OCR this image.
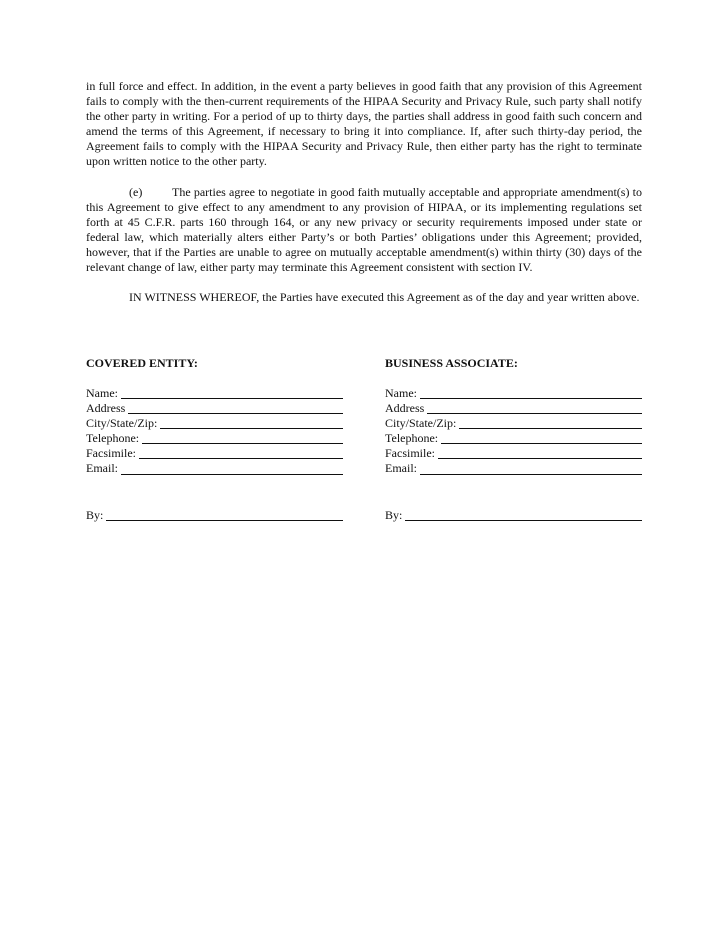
in full force and effect. In addition, in the event a party believes in good faith that any provision of this Agreement fails to comply with the then-current requirements of the HIPAA Security and Privacy Rule, such party shall notify the other party in writing. For a period of up to thirty days, the parties shall address in good faith such concern and amend the terms of this Agreement, if necessary to bring it into compliance. If, after such thirty-day period, the Agreement fails to comply with the HIPAA Security and Privacy Rule, then either party has the right to terminate upon written notice to the other party.

(e) The parties agree to negotiate in good faith mutually acceptable and appropriate amendment(s) to this Agreement to give effect to any amendment to any provision of HIPAA, or its implementing regulations set forth at 45 C.F.R. parts 160 through 164, or any new privacy or security requirements imposed under state or federal law, which materially alters either Party’s or both Parties’ obligations under this Agreement; provided, however, that if the Parties are unable to agree on mutually acceptable amendment(s) within thirty (30) days of the relevant change of law, either party may terminate this Agreement consistent with section IV.

IN WITNESS WHEREOF, the Parties have executed this Agreement as of the day and year written above.

COVERED ENTITY:
Name:
Address
City/State/Zip:
Telephone:
Facsimile:
Email:
By:
BUSINESS ASSOCIATE:
Name:
Address
City/State/Zip:
Telephone:
Facsimile:
Email:
By:
